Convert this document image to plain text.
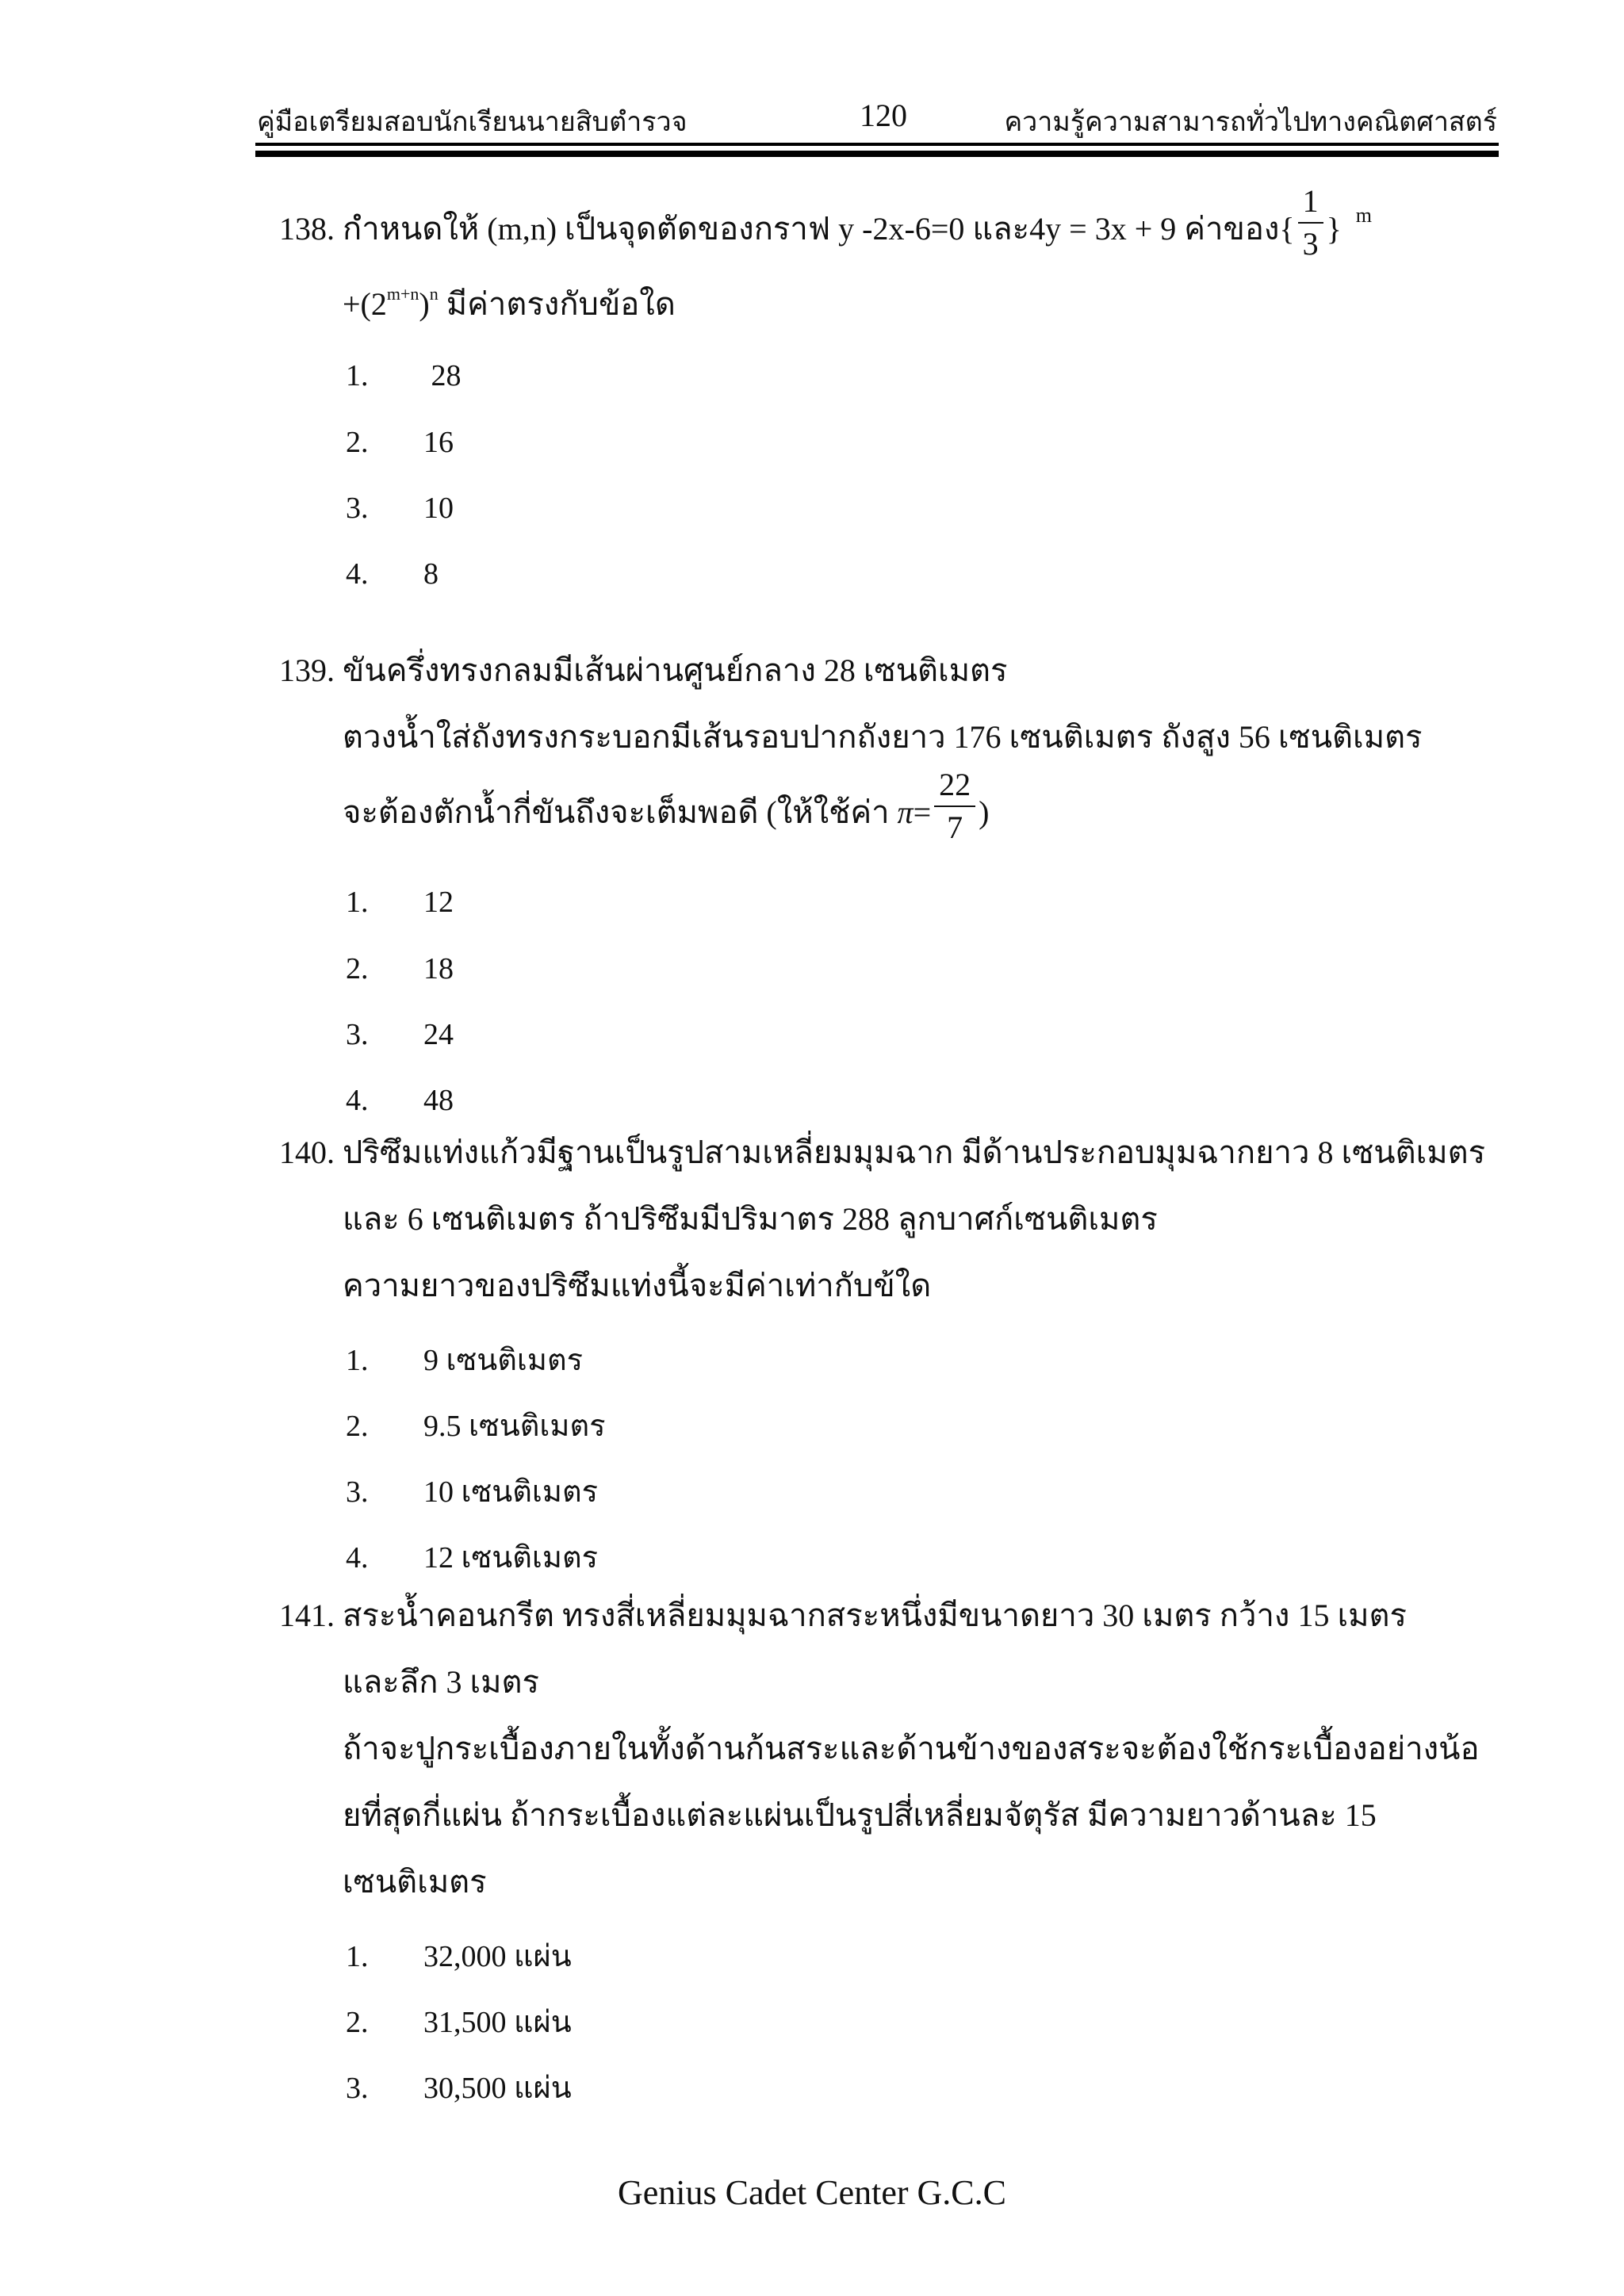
คู่มือเตรียมสอบนักเรียนนายสิบตำรวจ	120	ความรู้ความสามารถทั่วไปทางคณิตศาสตร์
138. กำหนดให้ (m,n) เป็นจุดตัดของกราฟ y -2x-6=0 และ4y = 3x + 9 ค่าของ{ $\frac{1}{3}$ } $^m$
$+(2^{m+n})^n$ มีค่าตรงกับข้อใด
1. 28
2. 16
3. 10
4. 8
139. ขันครึ่งทรงกลมมีเส้นผ่านศูนย์กลาง 28 เซนติเมตร
ตวงน้ำใส่ถังทรงกระบอกมีเส้นรอบปากถังยาว 176 เซนติเมตร ถังสูง 56 เซนติเมตร
จะต้องตักน้ำกี่ขันถึงจะเต็มพอดี (ให้ใช้ค่า $\pi= \frac{22}{7}$ )
1. 12
2. 18
3. 24
4. 48
140. ปริซึมแท่งแก้วมีฐานเป็นรูปสามเหลี่ยมมุมฉาก มีด้านประกอบมุมฉากยาว 8 เซนติเมตร
และ 6 เซนติเมตร ถ้าปริซึมมีปริมาตร 288 ลูกบาศก์เซนติเมตร
ความยาวของปริซึมแท่งนี้จะมีค่าเท่ากับข้ใด
1. 9 เซนติเมตร
2. 9.5 เซนติเมตร
3. 10 เซนติเมตร
4. 12 เซนติเมตร
141. สระน้ำคอนกรีต ทรงสี่เหลี่ยมมุมฉากสระหนึ่งมีขนาดยาว 30 เมตร กว้าง 15 เมตร
และลึก 3 เมตร
ถ้าจะปูกระเบื้องภายในทั้งด้านก้นสระและด้านข้างของสระจะต้องใช้กระเบื้องอย่างน้อ
ยที่สุดกี่แผ่น ถ้ากระเบื้องแต่ละแผ่นเป็นรูปสี่เหลี่ยมจัตุรัส มีความยาวด้านละ 15
เซนติเมตร
1. 32,000 แผ่น
2. 31,500 แผ่น
3. 30,500 แผ่น
Genius Cadet Center G.C.C
